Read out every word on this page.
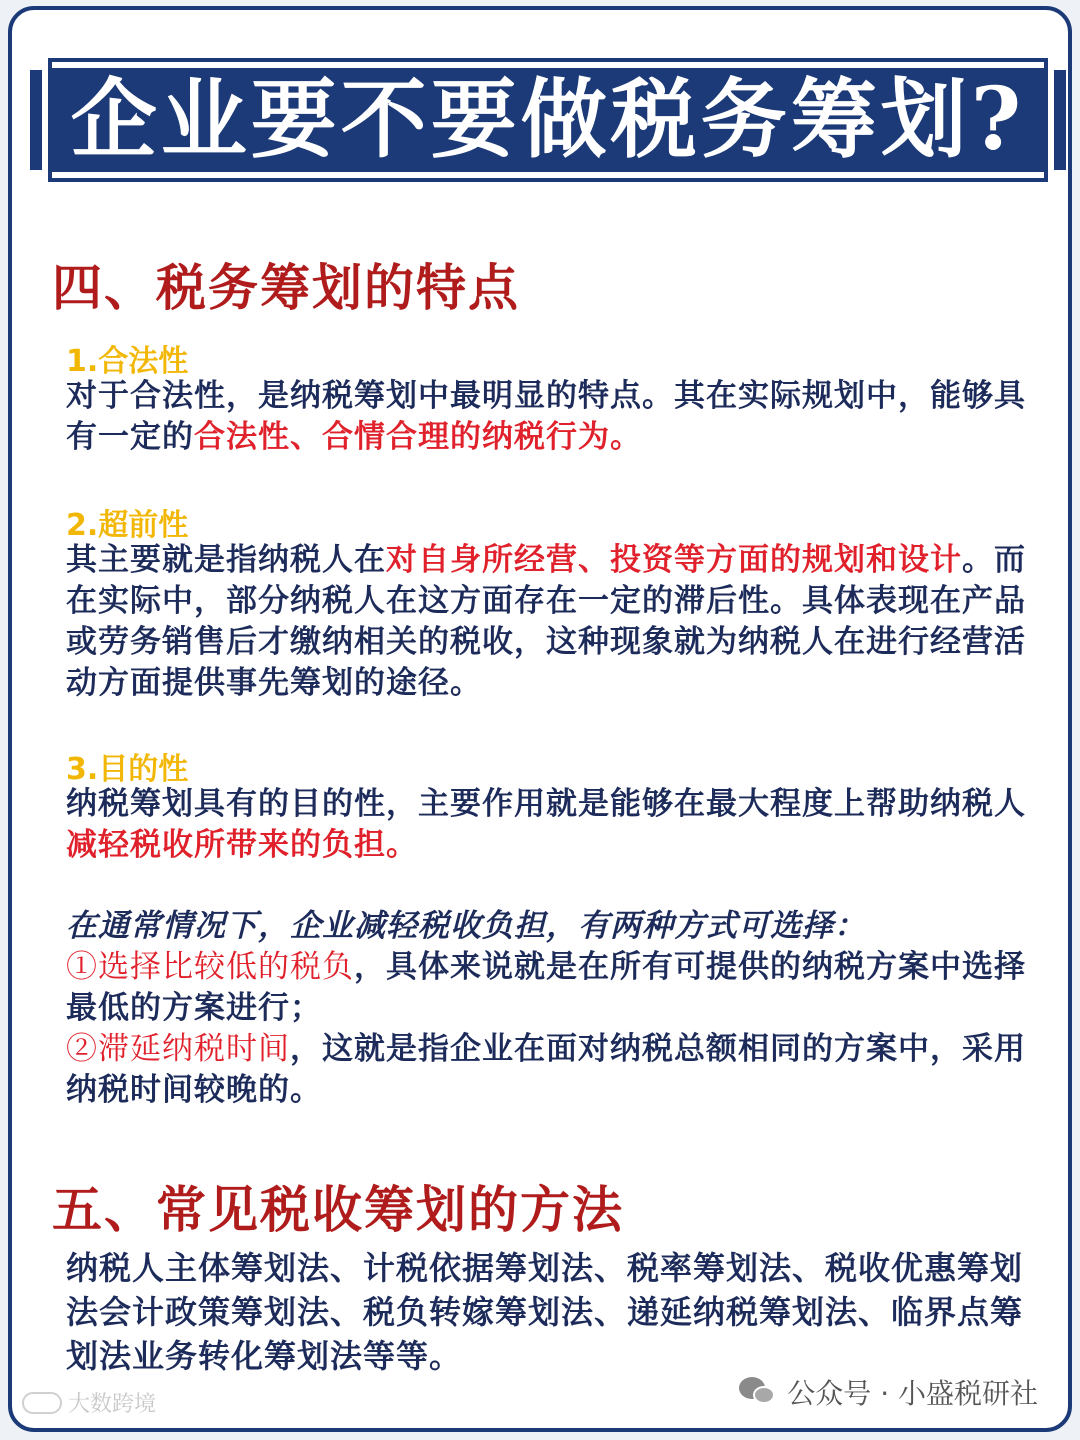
企业要不要做税务筹划?
四、税务筹划的特点
1.合法性
对于合法性，是纳税筹划中最明显的特点。其在实际规划中，能够具有一定的合法性、合情合理的纳税行为。
2.超前性
其主要就是指纳税人在对自身所经营、投资等方面的规划和设计。而在实际中，部分纳税人在这方面存在一定的滞后性。具体表现在产品或劳务销售后才缴纳相关的税收，这种现象就为纳税人在进行经营活动方面提供事先筹划的途径。
3.目的性
纳税筹划具有的目的性，主要作用就是能够在最大程度上帮助纳税人减轻税收所带来的负担。
在通常情况下，企业减轻税收负担，有两种方式可选择：
①选择比较低的税负，具体来说就是在所有可提供的纳税方案中选择最低的方案进行；
②滞延纳税时间，这就是指企业在面对纳税总额相同的方案中，采用纳税时间较晚的。
五、常见税收筹划的方法
纳税人主体筹划法、计税依据筹划法、税率筹划法、税收优惠筹划法会计政策筹划法、税负转嫁筹划法、递延纳税筹划法、临界点筹划法业务转化筹划法等等。
公众号 · 小盛税研社
大数跨境
